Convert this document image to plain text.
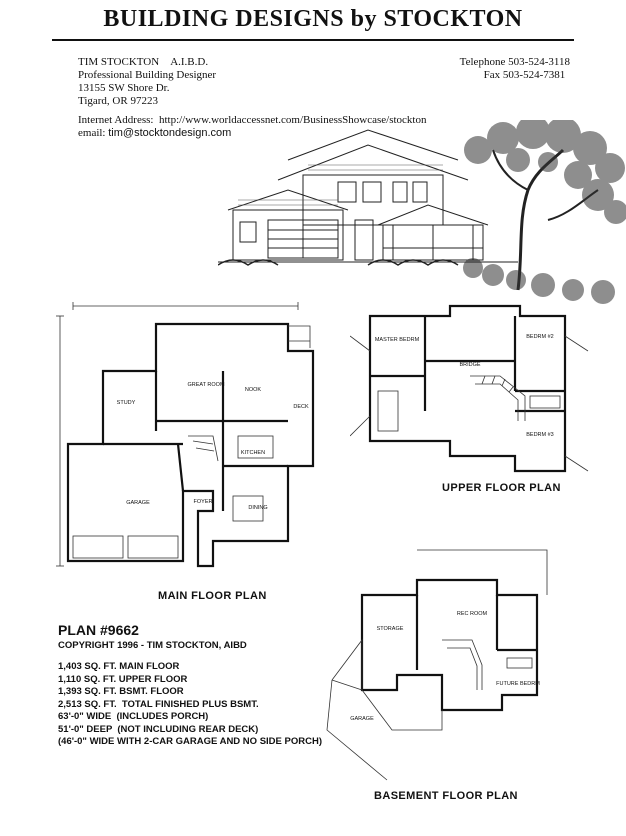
BUILDING DESIGNS by STOCKTON
TIM STOCKTON A.I.B.D.
Professional Building Designer
13155 SW Shore Dr.
Tigard, OR 97223
Telephone 503-524-3118
Fax 503-524-7381
Internet Address: http://www.worldaccessnet.com/BusinessShowcase/stockton
email: tim@stocktondesign.com
GREAT ROOM
NOOK
STUDY
KITCHEN
GARAGE
DINING
FOYER
DECK
MASTER BEDRM	BEDRM #2
BEDRM #3
BRIDGE
REC ROOM
STORAGE
FUTURE BEDRM
GARAGE
MAIN FLOOR PLAN
UPPER FLOOR PLAN
BASEMENT FLOOR PLAN
PLAN #9662
COPYRIGHT 1996 - TIM STOCKTON, AIBD
1,403 SQ. FT. MAIN FLOOR
1,110 SQ. FT. UPPER FLOOR
1,393 SQ. FT. BSMT. FLOOR
2,513 SQ. FT.  TOTAL FINISHED PLUS BSMT.
63'-0" WIDE  (INCLUDES PORCH)
51'-0" DEEP  (NOT INCLUDING REAR DECK)
(46'-0" WIDE WITH 2-CAR GARAGE AND NO SIDE PORCH)
